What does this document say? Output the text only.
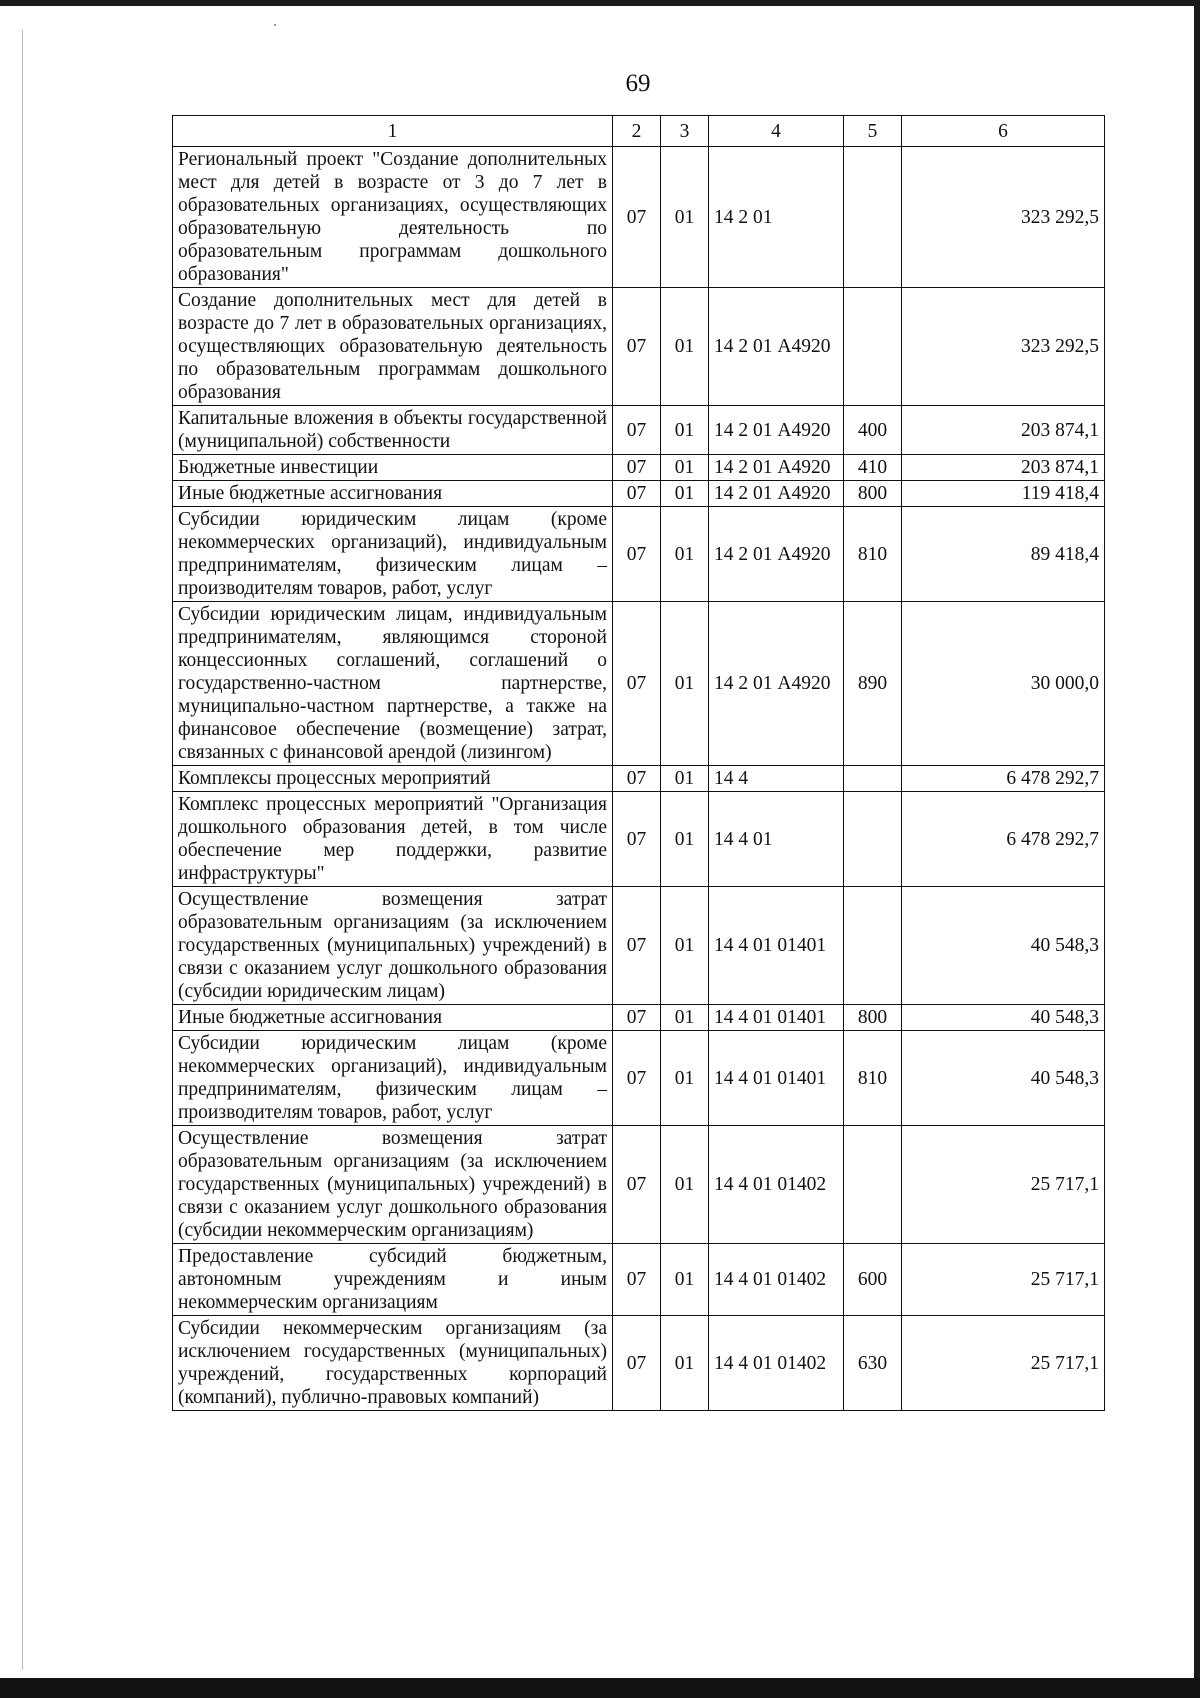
69
1	2	3	4	5	6
Региональный проект "Создание дополнительных мест для детей в возрасте от 3 до 7 лет в образовательных организациях, осуществляющих образовательную деятельность по образовательным программам дошкольного образования"	07	01	14 2 01		323 292,5
Создание дополнительных мест для детей в возрасте до 7 лет в образовательных организациях, осуществляющих образовательную деятельность по образовательным программам дошкольного образования	07	01	14 2 01 А4920		323 292,5
Капитальные вложения в объекты государственной (муниципальной) собственности	07	01	14 2 01 А4920	400	203 874,1
Бюджетные инвестиции	07	01	14 2 01 А4920	410	203 874,1
Иные бюджетные ассигнования	07	01	14 2 01 А4920	800	119 418,4
Субсидии юридическим лицам (кроме некоммерческих организаций), индивидуальным предпринимателям, физическим лицам – производителям товаров, работ, услуг	07	01	14 2 01 А4920	810	89 418,4
Субсидии юридическим лицам, индивидуальным предпринимателям, являющимся стороной концессионных соглашений, соглашений о государственно-частном партнерстве, муниципально-частном партнерстве, а также на финансовое обеспечение (возмещение) затрат, связанных с финансовой арендой (лизингом)	07	01	14 2 01 А4920	890	30 000,0
Комплексы процессных мероприятий	07	01	14 4		6 478 292,7
Комплекс процессных мероприятий "Организация дошкольного образования детей, в том числе обеспечение мер поддержки, развитие инфраструктуры"	07	01	14 4 01		6 478 292,7
Осуществление возмещения затрат образовательным организациям (за исключением государственных (муниципальных) учреждений) в связи с оказанием услуг дошкольного образования (субсидии юридическим лицам)	07	01	14 4 01 01401		40 548,3
Иные бюджетные ассигнования	07	01	14 4 01 01401	800	40 548,3
Субсидии юридическим лицам (кроме некоммерческих организаций), индивидуальным предпринимателям, физическим лицам – производителям товаров, работ, услуг	07	01	14 4 01 01401	810	40 548,3
Осуществление возмещения затрат образовательным организациям (за исключением государственных (муниципальных) учреждений) в связи с оказанием услуг дошкольного образования (субсидии некоммерческим организациям)	07	01	14 4 01 01402		25 717,1
Предоставление субсидий бюджетным, автономным учреждениям и иным некоммерческим организациям	07	01	14 4 01 01402	600	25 717,1
Субсидии некоммерческим организациям (за исключением государственных (муниципальных) учреждений, государственных корпораций (компаний), публично-правовых компаний)	07	01	14 4 01 01402	630	25 717,1
